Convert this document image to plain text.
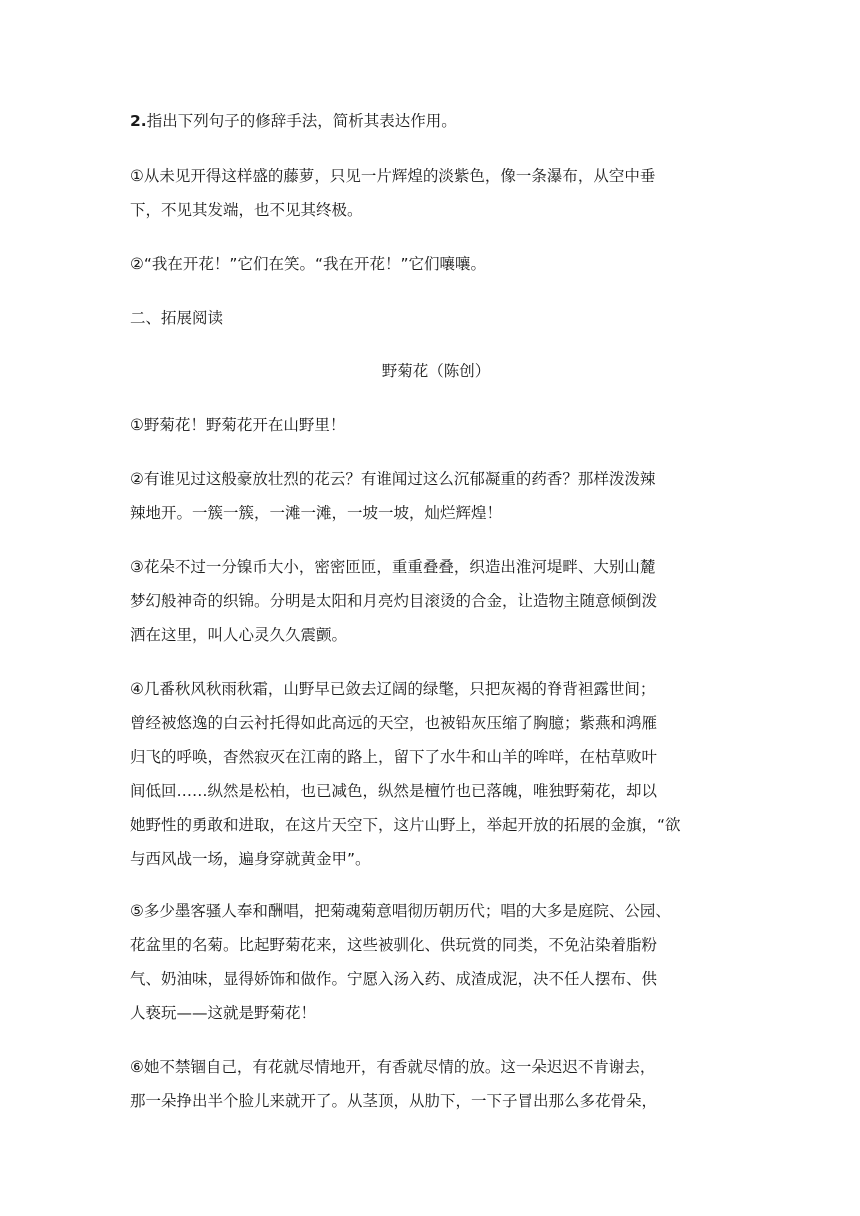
2.指出下列句子的修辞手法，简析其表达作用。

①从未见开得这样盛的藤萝，只见一片辉煌的淡紫色，像一条瀑布，从空中垂
下，不见其发端，也不见其终极。

②“我在开花！”它们在笑。“我在开花！”它们嚷嚷。

二、拓展阅读

野菊花（陈创）

①野菊花！野菊花开在山野里！

②有谁见过这般豪放壮烈的花云？有谁闻过这么沉郁凝重的药香？那样泼泼辣
辣地开。一簇一簇，一滩一滩，一坡一坡，灿烂辉煌！

③花朵不过一分镍币大小，密密匝匝，重重叠叠，织造出淮河堤畔、大别山麓
梦幻般神奇的织锦。分明是太阳和月亮灼目滚烫的合金，让造物主随意倾倒泼
洒在这里，叫人心灵久久震颤。

④几番秋风秋雨秋霜，山野早已敛去辽阔的绿氅，只把灰褐的脊背袒露世间；
曾经被悠逸的白云衬托得如此高远的天空，也被铅灰压缩了胸臆；紫燕和鸿雁
归飞的呼唤，杳然寂灭在江南的路上，留下了水牛和山羊的哞咩，在枯草败叶
间低回……纵然是松柏，也已减色，纵然是檀竹也已落魄，唯独野菊花，却以
她野性的勇敢和进取，在这片天空下，这片山野上，举起开放的拓展的金旗，“欲
与西风战一场，遍身穿就黄金甲”。

⑤多少墨客骚人奉和酬唱，把菊魂菊意唱彻历朝历代；唱的大多是庭院、公园、
花盆里的名菊。比起野菊花来，这些被驯化、供玩赏的同类，不免沾染着脂粉
气、奶油味，显得娇饰和做作。宁愿入汤入药、成渣成泥，决不任人摆布、供
人亵玩——这就是野菊花！

⑥她不禁锢自己，有花就尽情地开，有香就尽情的放。这一朵迟迟不肯谢去，
那一朵挣出半个脸儿来就开了。从茎顶，从肋下，一下子冒出那么多花骨朵，
